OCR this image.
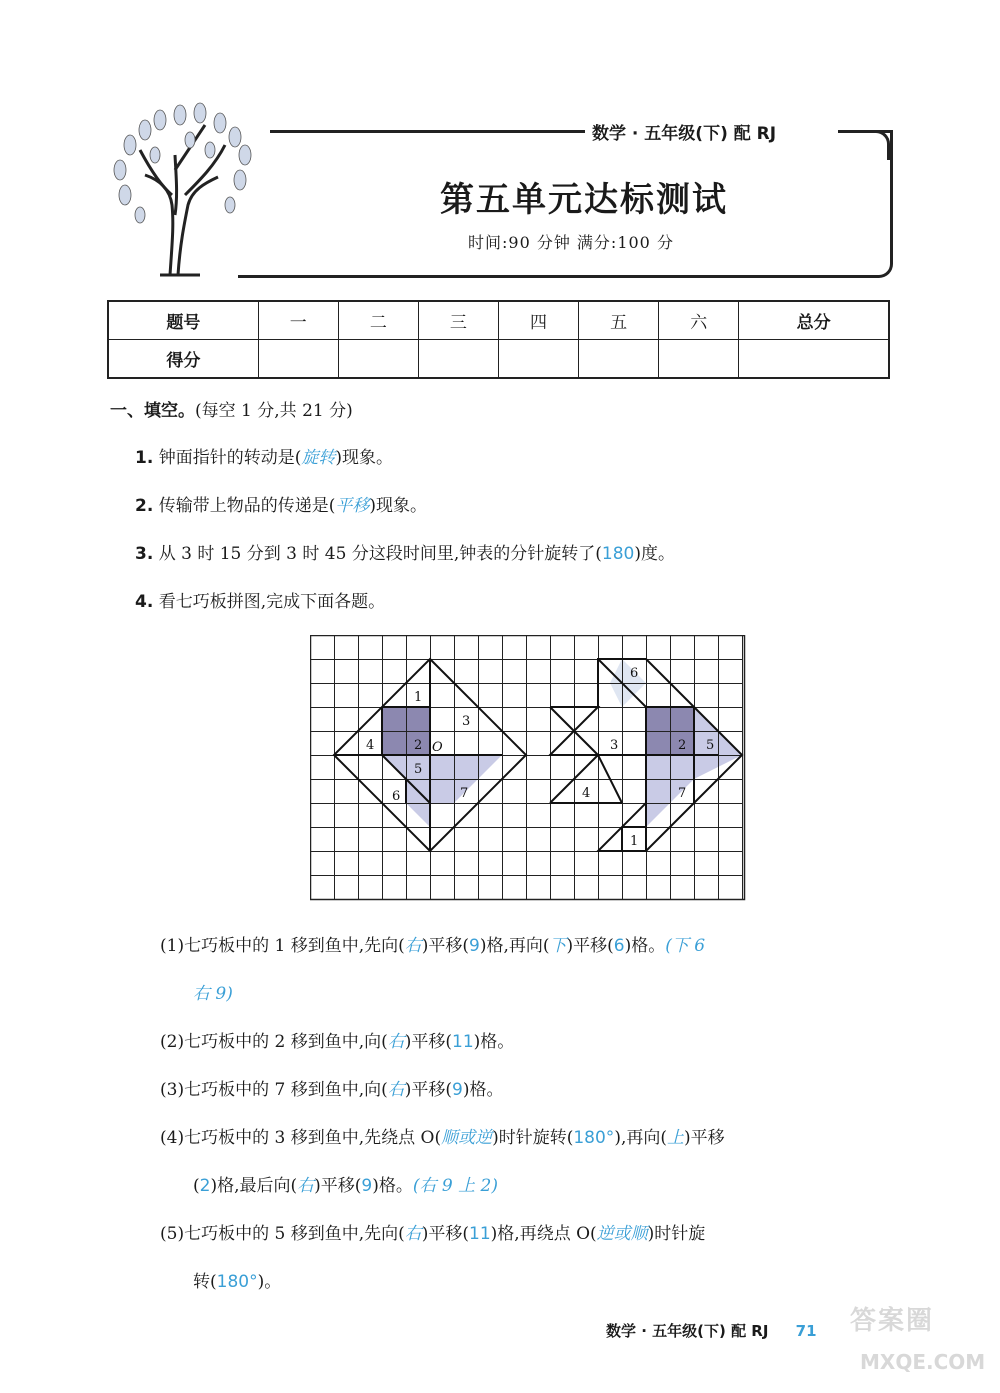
数学 · 五年级(下) 配 RJ
第五单元达标测试
时间:90 分钟 满分:100 分
题号	一	二	三	四	五	六	总分
得分							
一、填空。(每空 1 分,共 21 分)
1. 钟面指针的转动是(旋转)现象。
2. 传输带上物品的传递是(平移)现象。
3. 从 3 时 15 分到 3 时 45 分这段时间里,钟表的分针旋转了(180)度。
4. 看七巧板拼图,完成下面各题。
1
2
3
4
5
6	7
O
6
2 5
3
4	7
1
(1)七巧板中的 1 移到鱼中,先向(右)平移(9)格,再向(下)平移(6)格。(下 6
右 9)
(2)七巧板中的 2 移到鱼中,向(右)平移(11)格。
(3)七巧板中的 7 移到鱼中,向(右)平移(9)格。
(4)七巧板中的 3 移到鱼中,先绕点 O(顺或逆)时针旋转(180°),再向(上)平移
(2)格,最后向(右)平移(9)格。(右 9 上 2)
(5)七巧板中的 5 移到鱼中,先向(右)平移(11)格,再绕点 O(逆或顺)时针旋
转(180°)。
数学 · 五年级(下) 配 RJ 71 答案圈
MXQE.COM
